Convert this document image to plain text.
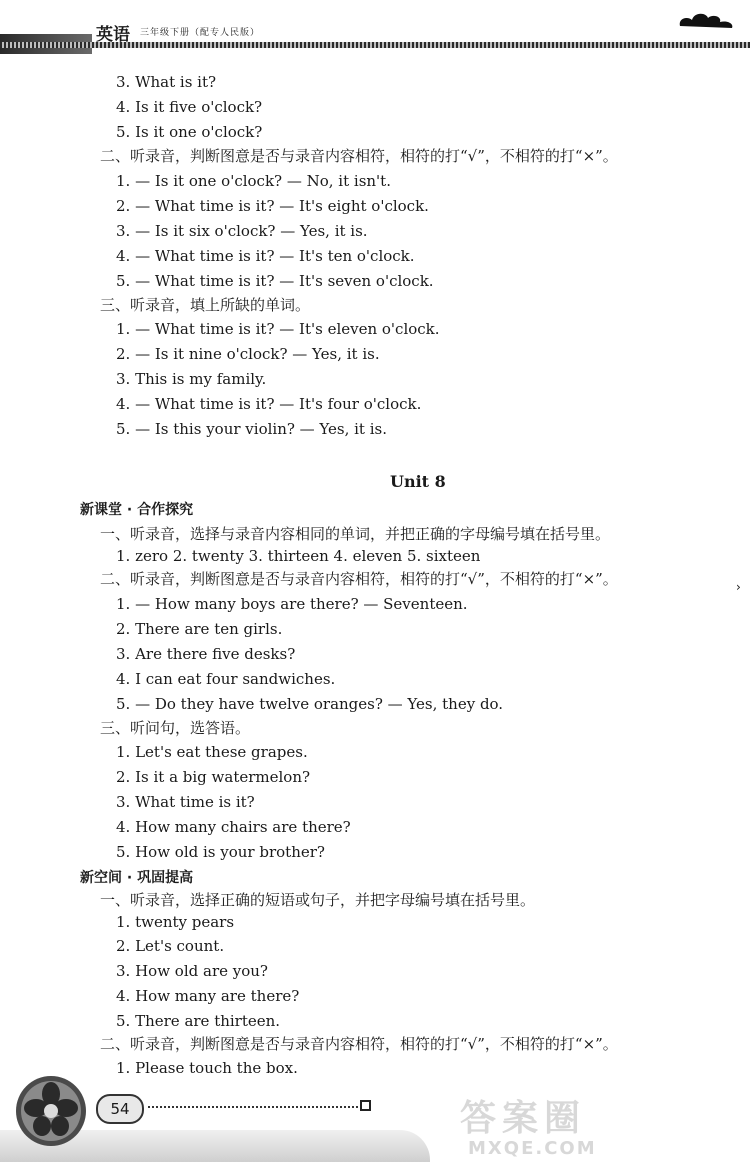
英语 三年级下册（配专人民版）
3. What is it?
4. Is it five o'clock?
5. Is it one o'clock?
二、听录音，判断图意是否与录音内容相符，相符的打“√”，不相符的打“×”。
1. — Is it one o'clock? — No, it isn't.
2. — What time is it? — It's eight o'clock.
3. — Is it six o'clock? — Yes, it is.
4. — What time is it? — It's ten o'clock.
5. — What time is it? — It's seven o'clock.
三、听录音，填上所缺的单词。
1. — What time is it? — It's eleven o'clock.
2. — Is it nine o'clock? — Yes, it is.
3. This is my family.
4. — What time is it? — It's four o'clock.
5. — Is this your violin? — Yes, it is.
Unit 8
新课堂 · 合作探究
一、听录音，选择与录音内容相同的单词，并把正确的字母编号填在括号里。
1. zero 2. twenty 3. thirteen 4. eleven 5. sixteen
二、听录音，判断图意是否与录音内容相符，相符的打“√”，不相符的打“×”。
1. — How many boys are there? — Seventeen.
2. There are ten girls.
3. Are there five desks?
4. I can eat four sandwiches.
5. — Do they have twelve oranges? — Yes, they do.
三、听问句，选答语。
1. Let's eat these grapes.
2. Is it a big watermelon?
3. What time is it?
4. How many chairs are there?
5. How old is your brother?
新空间 · 巩固提高
一、听录音，选择正确的短语或句子，并把字母编号填在括号里。
1. twenty pears
2. Let's count.
3. How old are you?
4. How many are there?
5. There are thirteen.
二、听录音，判断图意是否与录音内容相符，相符的打“√”，不相符的打“×”。
1. Please touch the box.
›
54	答案圈
MXQE.COM
